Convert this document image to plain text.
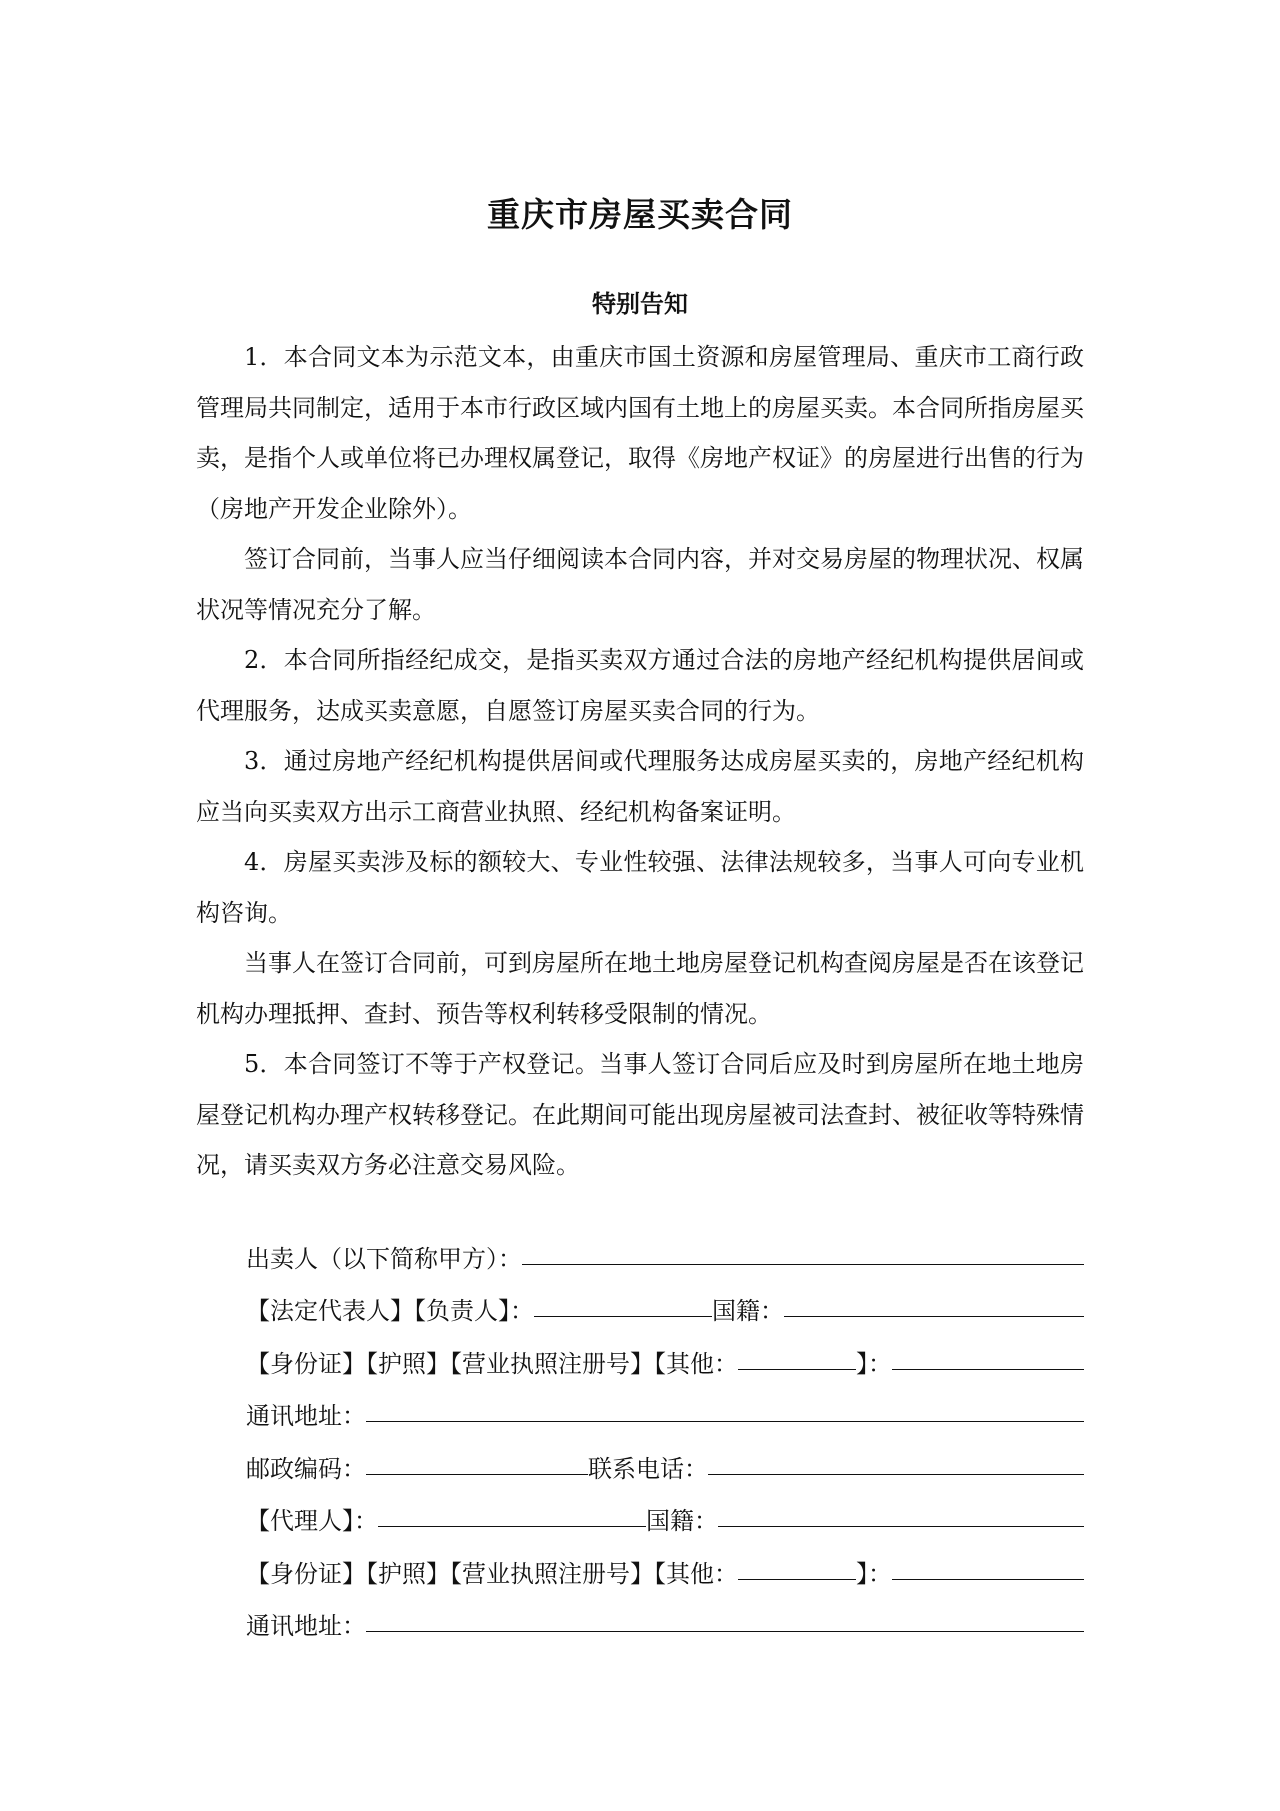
重庆市房屋买卖合同
特别告知

1．本合同文本为示范文本，由重庆市国土资源和房屋管理局、重庆市工商行政管理局共同制定，适用于本市行政区域内国有土地上的房屋买卖。本合同所指房屋买卖，是指个人或单位将已办理权属登记，取得《房地产权证》的房屋进行出售的行为（房地产开发企业除外）。

签订合同前，当事人应当仔细阅读本合同内容，并对交易房屋的物理状况、权属状况等情况充分了解。

2．本合同所指经纪成交，是指买卖双方通过合法的房地产经纪机构提供居间或代理服务，达成买卖意愿，自愿签订房屋买卖合同的行为。

3．通过房地产经纪机构提供居间或代理服务达成房屋买卖的，房地产经纪机构应当向买卖双方出示工商营业执照、经纪机构备案证明。

4．房屋买卖涉及标的额较大、专业性较强、法律法规较多，当事人可向专业机构咨询。

当事人在签订合同前，可到房屋所在地土地房屋登记机构查阅房屋是否在该登记机构办理抵押、查封、预告等权利转移受限制的情况。

5．本合同签订不等于产权登记。当事人签订合同后应及时到房屋所在地土地房屋登记机构办理产权转移登记。在此期间可能出现房屋被司法查封、被征收等特殊情况，请买卖双方务必注意交易风险。

出卖人（以下简称甲方）：
【法定代表人】【负责人】：	国籍：
【身份证】【护照】【营业执照注册号】【其他：	】：
通讯地址：
邮政编码：	联系电话：
【代理人】：	国籍：
【身份证】【护照】【营业执照注册号】【其他：	】：
通讯地址：
